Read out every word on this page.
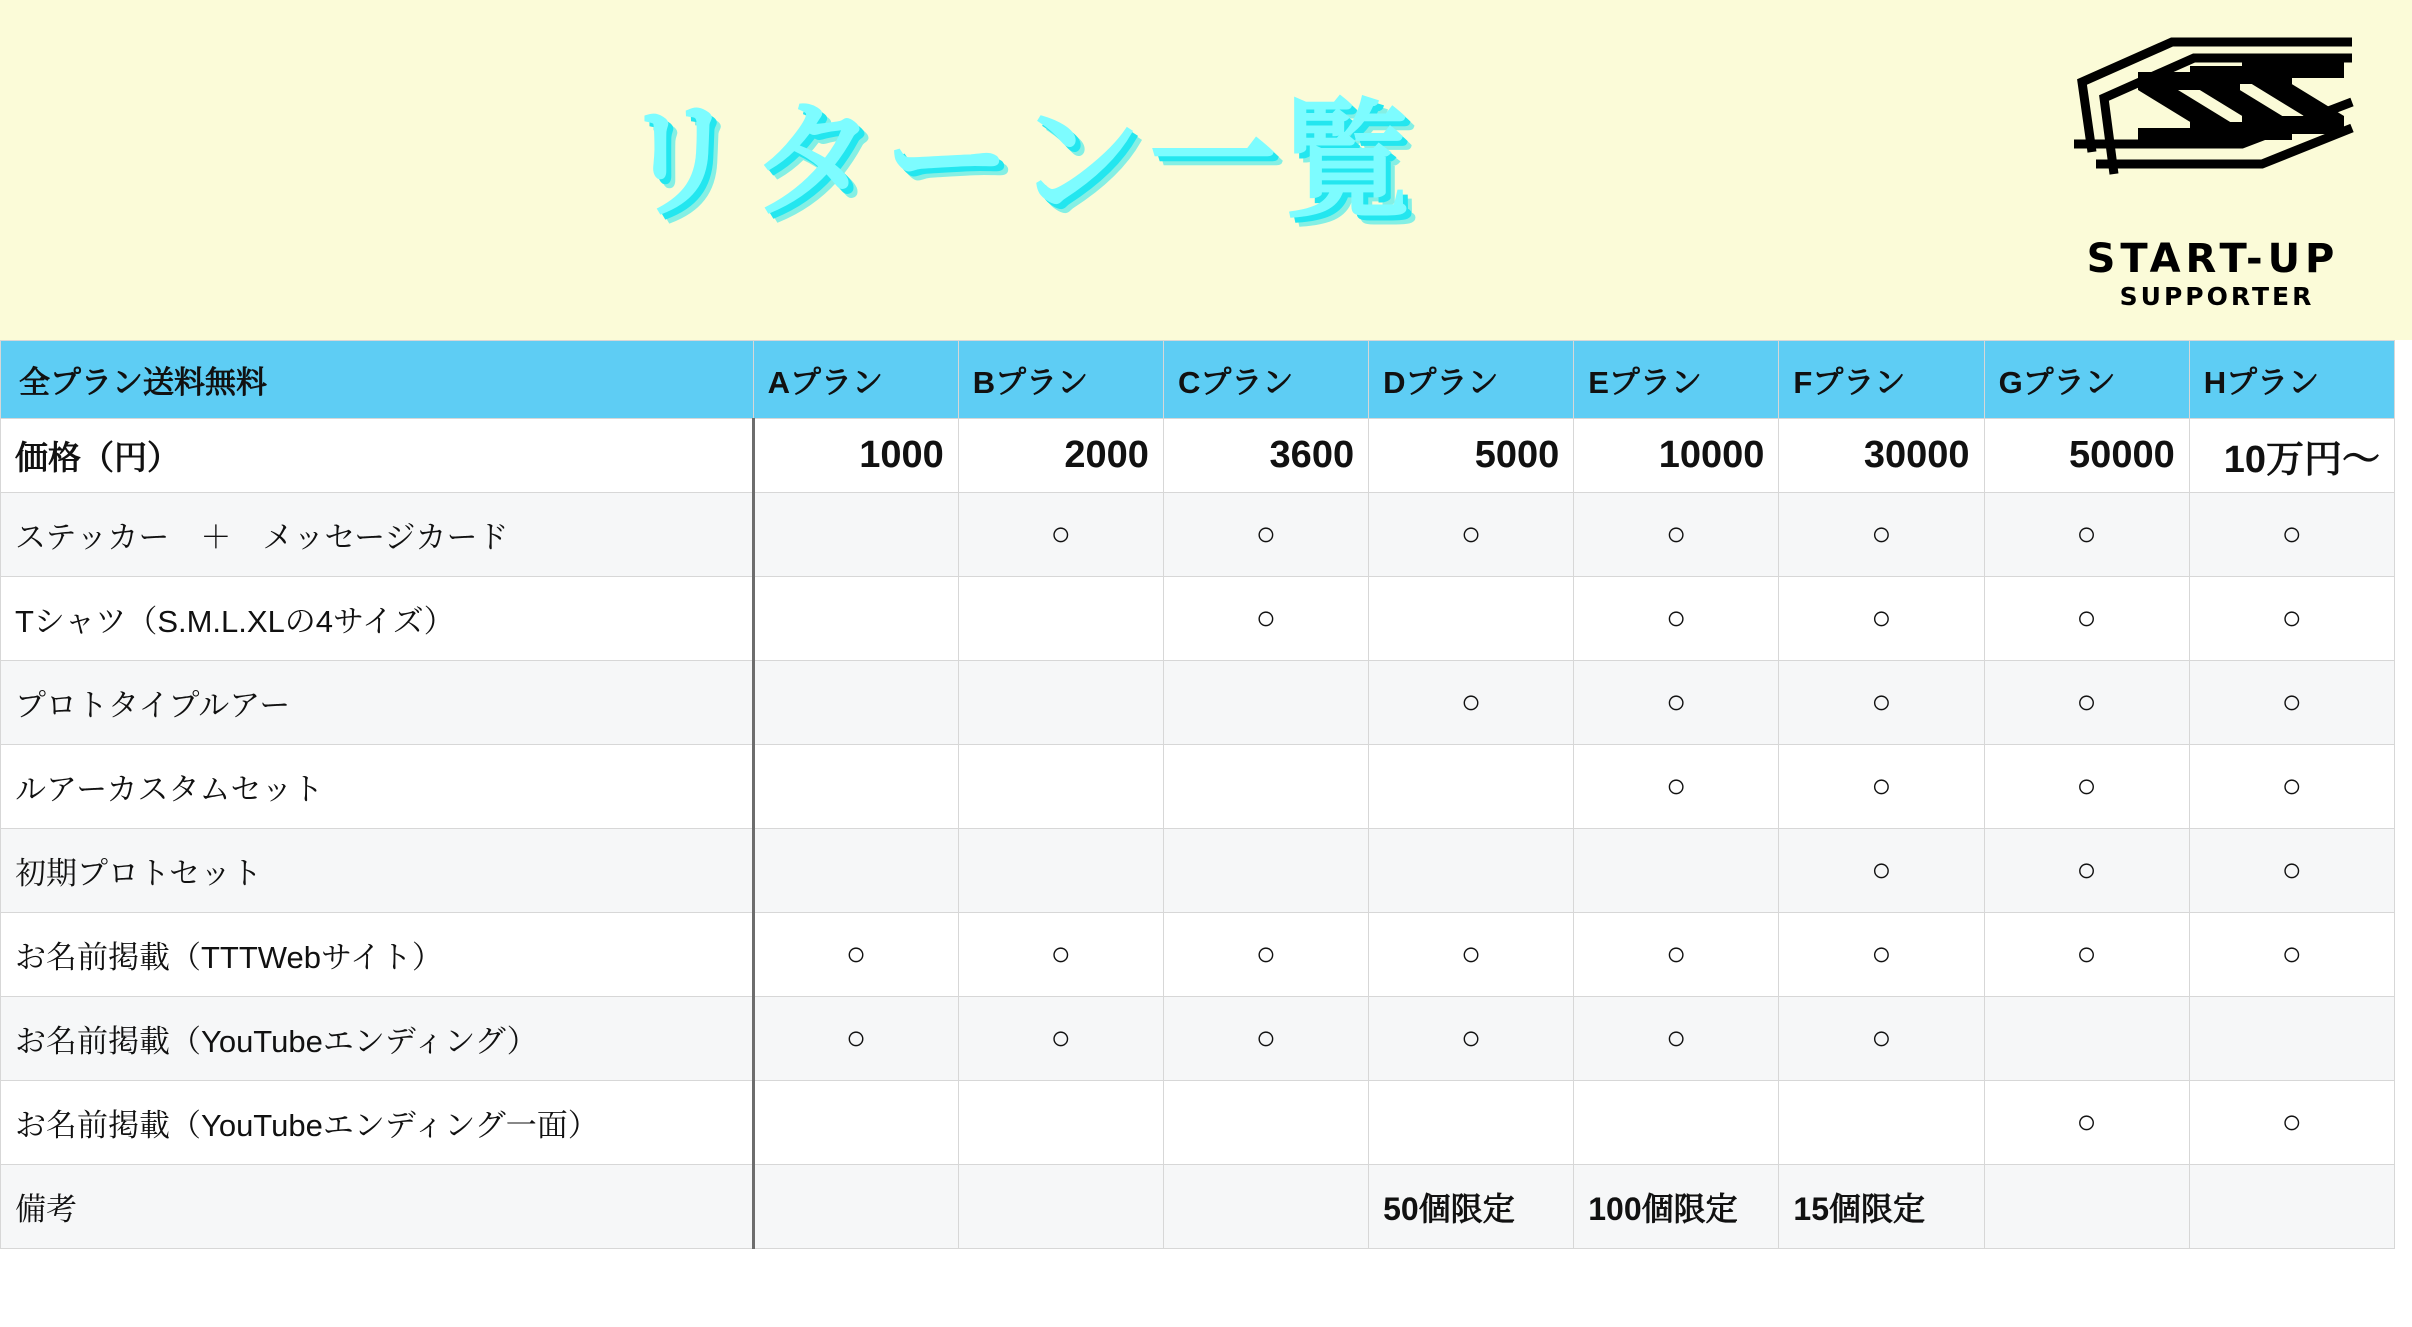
リターン一覧
START-UP
SUPPORTER
全プラン送料無料	Aプラン	Bプラン	Cプラン	Dプラン	Eプラン	Fプラン	Gプラン	Hプラン
価格（円）	1000	2000	3600	5000	10000	30000	50000	10万円〜
ステッカー　＋　メッセージカード		○	○	○	○	○	○	○
Tシャツ（S.M.L.XLの4サイズ）			○		○	○	○	○
プロトタイプルアー				○	○	○	○	○
ルアーカスタムセット					○	○	○	○
初期プロトセット						○	○	○
お名前掲載（TTTWebサイト）	○	○	○	○	○	○	○	○
お名前掲載（YouTubeエンディング）	○	○	○	○	○	○		
お名前掲載（YouTubeエンディング一面）							○	○
備考				50個限定	100個限定	15個限定		
